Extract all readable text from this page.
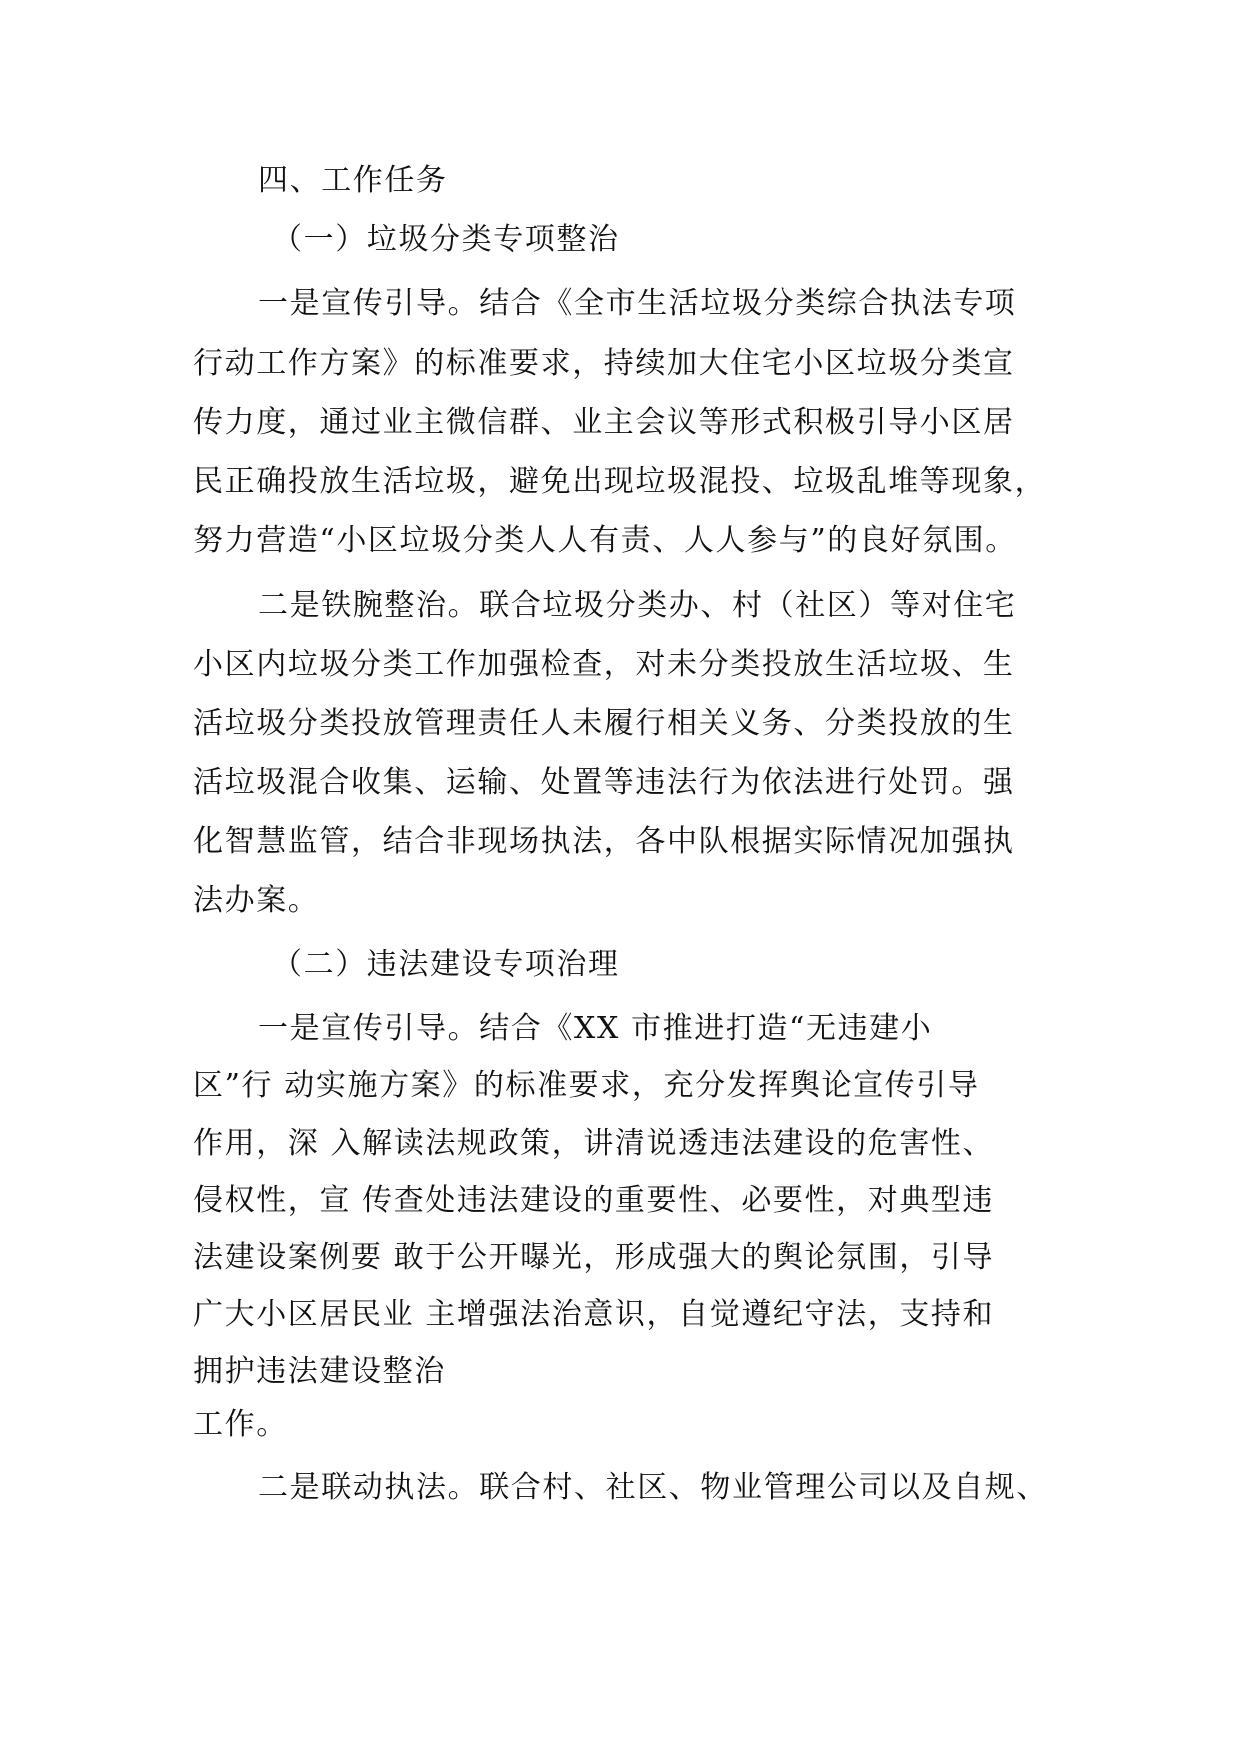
四、工作任务
（一）垃圾分类专项整治
一是宣传引导。结合《全市生活垃圾分类综合执法专项
行动工作方案》的标准要求，持续加大住宅小区垃圾分类宣
传力度，通过业主微信群、业主会议等形式积极引导小区居
民正确投放生活垃圾，避免出现垃圾混投、垃圾乱堆等现象，
努力营造“小区垃圾分类人人有责、人人参与”的良好氛围。
二是铁腕整治。联合垃圾分类办、村（社区）等对住宅
小区内垃圾分类工作加强检查，对未分类投放生活垃圾、生
活垃圾分类投放管理责任人未履行相关义务、分类投放的生
活垃圾混合收集、运输、处置等违法行为依法进行处罚。强
化智慧监管，结合非现场执法，各中队根据实际情况加强执
法办案。
（二）违法建设专项治理
一是宣传引导。结合《XX 市推进打造“无违建小
区”行 动实施方案》的标准要求，充分发挥舆论宣传引导
作用，深 入解读法规政策，讲清说透违法建设的危害性、
侵权性，宣 传查处违法建设的重要性、必要性，对典型违
法建设案例要 敢于公开曝光，形成强大的舆论氛围，引导
广大小区居民业 主增强法治意识，自觉遵纪守法，支持和
拥护违法建设整治
工作。
二是联动执法。联合村、社区、物业管理公司以及自规、
